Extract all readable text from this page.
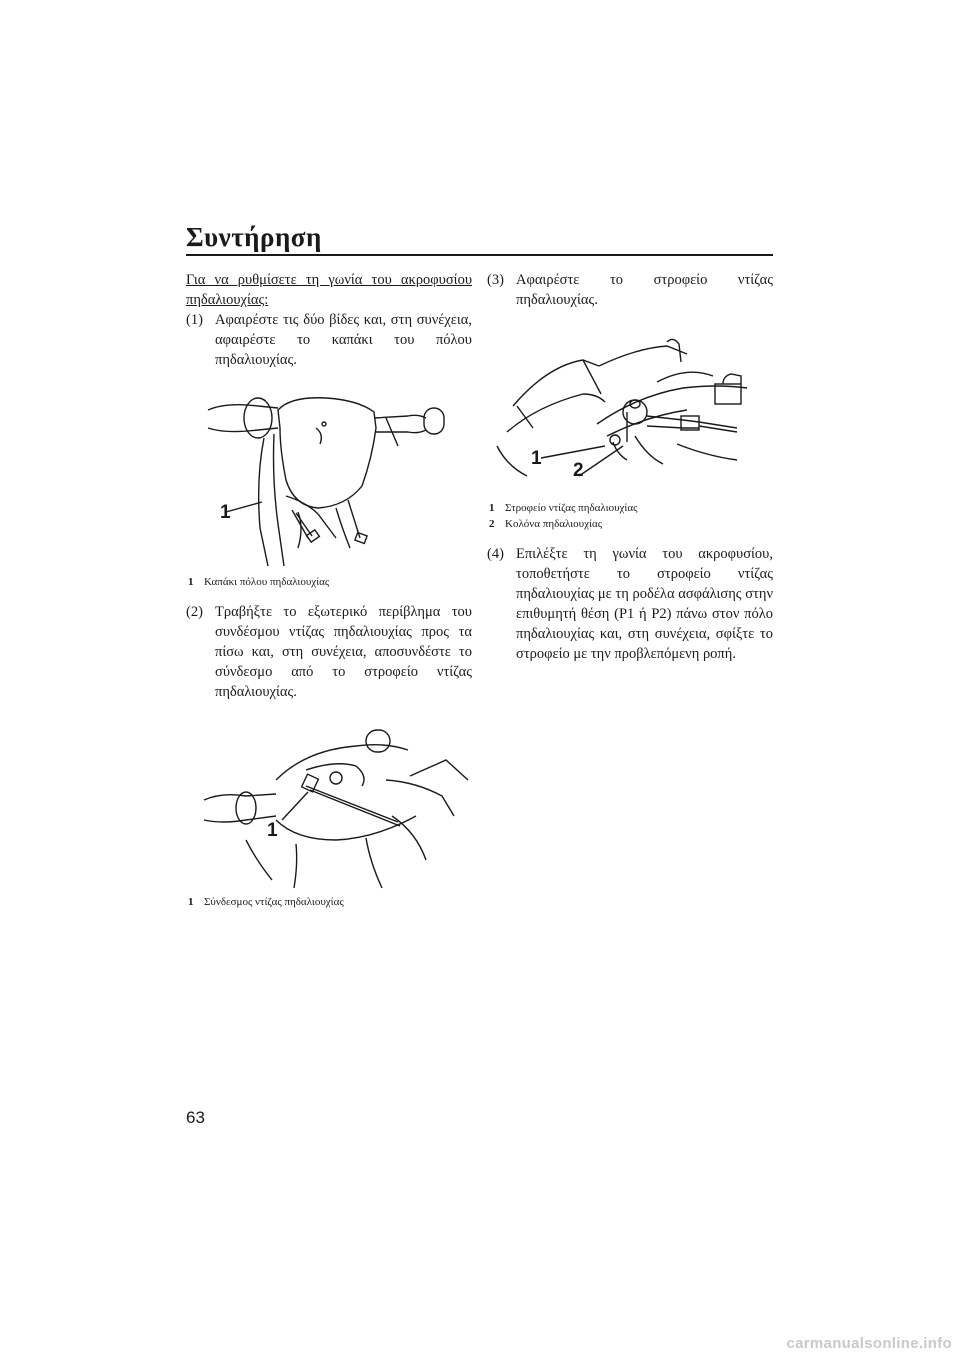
Συντήρηση

Για να ρυθμίσετε τη γωνία του ακροφυσίου πηδαλιουχίας:

(1) Αφαιρέστε τις δύο βίδες και, στη συνέχεια, αφαιρέστε το καπάκι του πόλου πηδαλιουχίας.

1
1 Καπάκι πόλου πηδαλιουχίας

(2) Τραβήξτε το εξωτερικό περίβλημα του συνδέσμου ντίζας πηδαλιουχίας προς τα πίσω και, στη συνέχεια, αποσυνδέστε το σύνδεσμο από το στροφείο ντίζας πηδαλιουχίας.

1
1 Σύνδεσμος ντίζας πηδαλιουχίας

(3) Αφαιρέστε το στροφείο ντίζας πηδαλιουχίας.

1
2
1 Στροφείο ντίζας πηδαλιουχίας
2 Κολόνα πηδαλιουχίας

(4) Επιλέξτε τη γωνία του ακροφυσίου, τοποθετήστε το στροφείο ντίζας πηδαλιουχίας με τη ροδέλα ασφάλισης στην επιθυμητή θέση (P1 ή P2) πάνω στον πόλο πηδαλιουχίας και, στη συνέχεια, σφίξτε το στροφείο με την προβλεπόμενη ροπή.

63
carmanualsonline.info
